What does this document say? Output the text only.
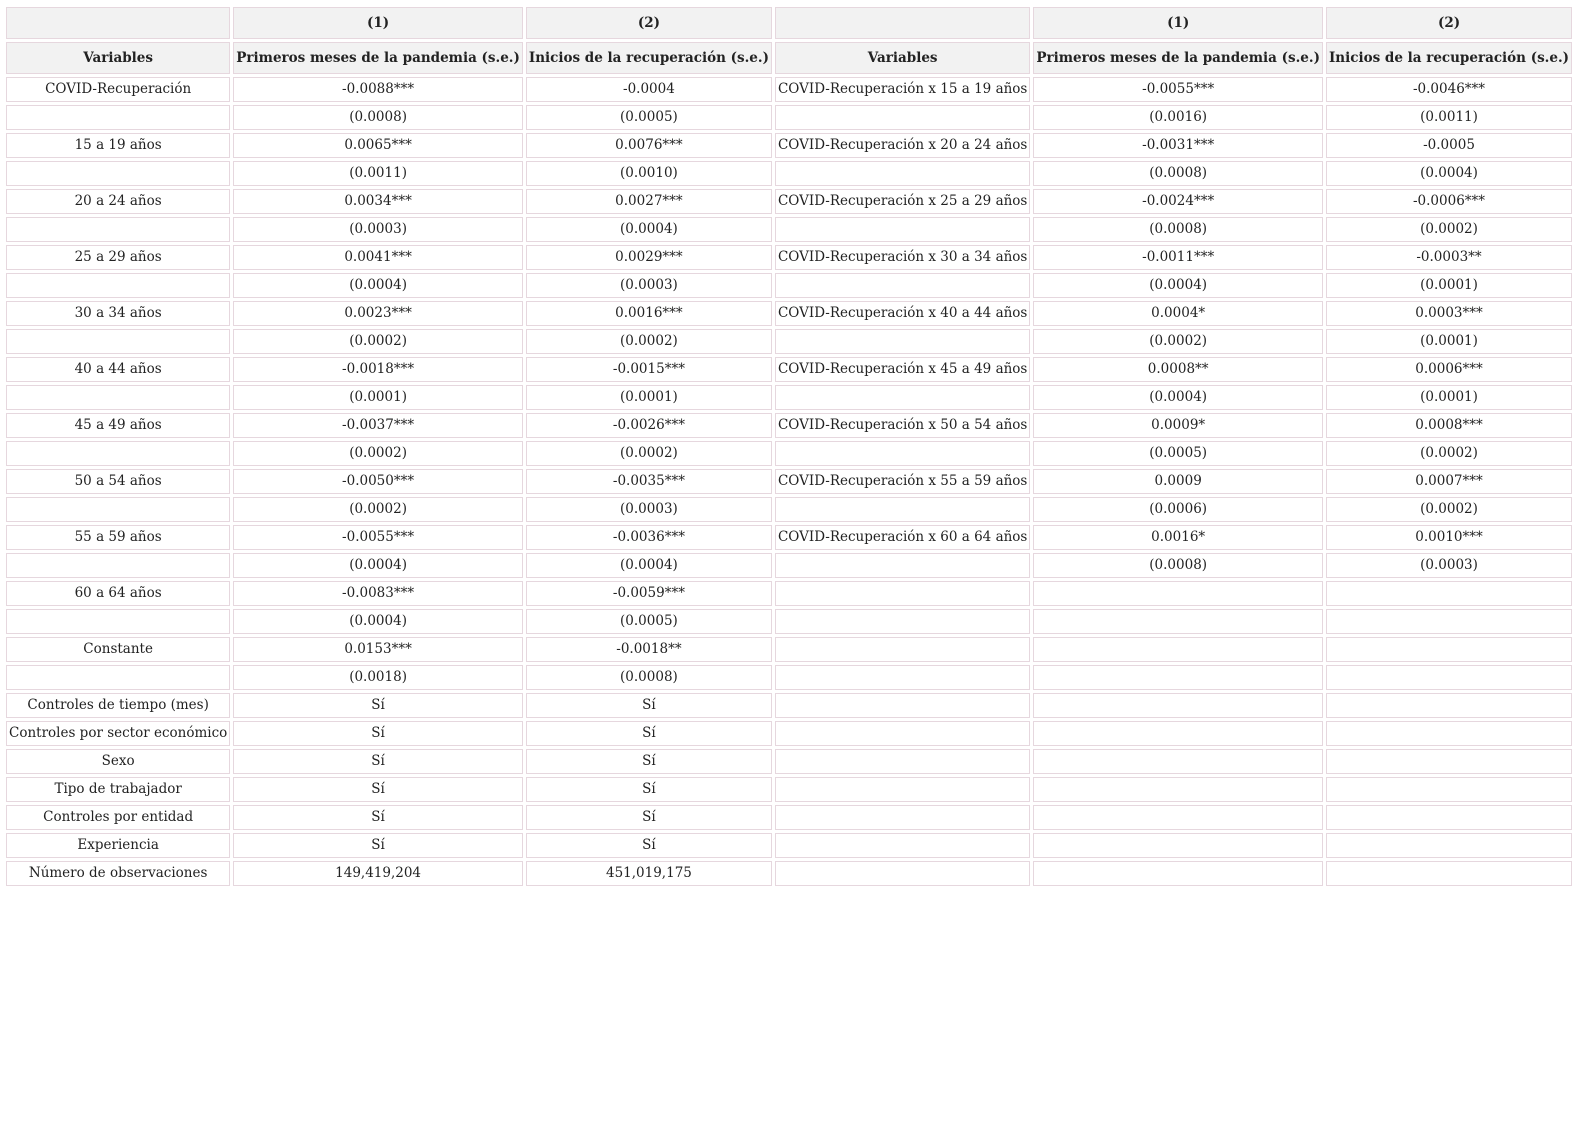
	(1)	(2)		(1)	(2)
Variables	Primeros meses de la pandemia (s.e.)	Inicios de la recuperación (s.e.)	Variables	Primeros meses de la pandemia (s.e.)	Inicios de la recuperación (s.e.)
COVID-Recuperación	-0.0088***	-0.0004	COVID-Recuperación x 15 a 19 años	-0.0055***	-0.0046***
	(0.0008)	(0.0005)		(0.0016)	(0.0011)
15 a 19 años	0.0065***	0.0076***	COVID-Recuperación x 20 a 24 años	-0.0031***	-0.0005
	(0.0011)	(0.0010)		(0.0008)	(0.0004)
20 a 24 años	0.0034***	0.0027***	COVID-Recuperación x 25 a 29 años	-0.0024***	-0.0006***
	(0.0003)	(0.0004)		(0.0008)	(0.0002)
25 a 29 años	0.0041***	0.0029***	COVID-Recuperación x 30 a 34 años	-0.0011***	-0.0003**
	(0.0004)	(0.0003)		(0.0004)	(0.0001)
30 a 34 años	0.0023***	0.0016***	COVID-Recuperación x 40 a 44 años	0.0004*	0.0003***
	(0.0002)	(0.0002)		(0.0002)	(0.0001)
40 a 44 años	-0.0018***	-0.0015***	COVID-Recuperación x 45 a 49 años	0.0008**	0.0006***
	(0.0001)	(0.0001)		(0.0004)	(0.0001)
45 a 49 años	-0.0037***	-0.0026***	COVID-Recuperación x 50 a 54 años	0.0009*	0.0008***
	(0.0002)	(0.0002)		(0.0005)	(0.0002)
50 a 54 años	-0.0050***	-0.0035***	COVID-Recuperación x 55 a 59 años	0.0009	0.0007***
	(0.0002)	(0.0003)		(0.0006)	(0.0002)
55 a 59 años	-0.0055***	-0.0036***	COVID-Recuperación x 60 a 64 años	0.0016*	0.0010***
	(0.0004)	(0.0004)		(0.0008)	(0.0003)
60 a 64 años	-0.0083***	-0.0059***			
	(0.0004)	(0.0005)			
Constante	0.0153***	-0.0018**			
	(0.0018)	(0.0008)			
Controles de tiempo (mes)	Sí	Sí			
Controles por sector económico	Sí	Sí			
Sexo	Sí	Sí			
Tipo de trabajador	Sí	Sí			
Controles por entidad	Sí	Sí			
Experiencia	Sí	Sí			
Número de observaciones	149,419,204	451,019,175			
